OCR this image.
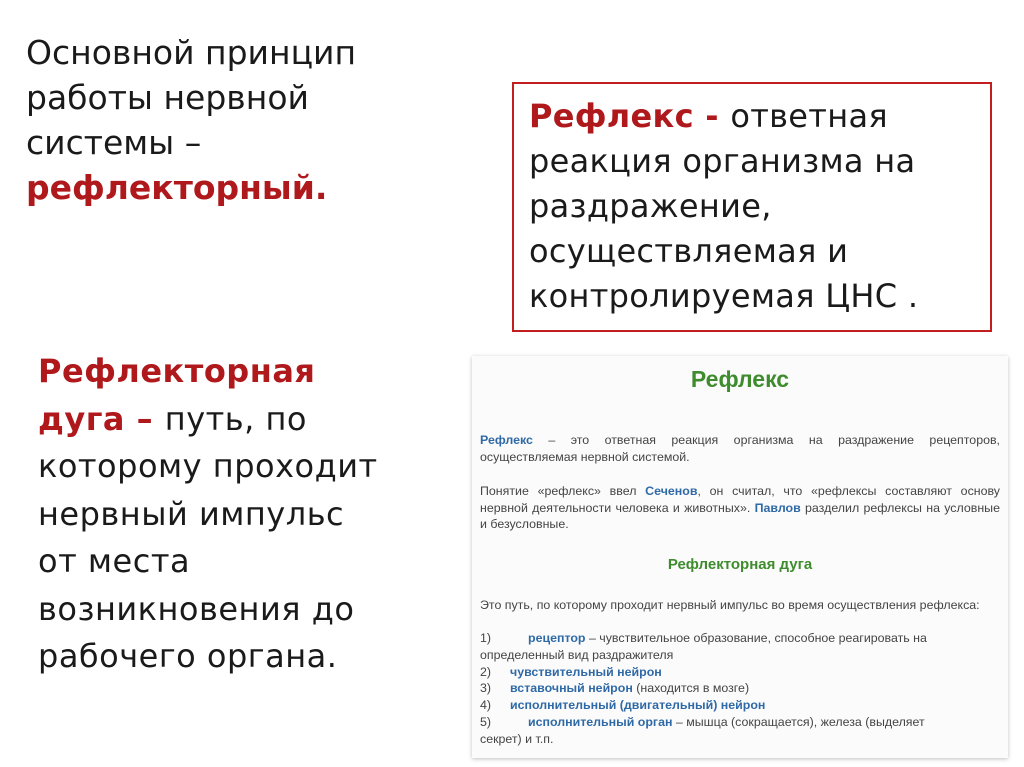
Основной принцип
работы нервной
системы –
рефлекторный.
Рефлекс - ответная
реакция организма на
раздражение,
осуществляемая и
контролируемая ЦНС .
Рефлекторная
дуга – путь, по
которому проходит
нервный импульс
от места
возникновения до
рабочего органа.
Рефлекс

Рефлекс – это ответная реакция организма на раздражение рецепторов, осуществляемая нервной системой.

Понятие «рефлекс» ввел Сеченов, он считал, что «рефлексы составляют основу нервной деятельности человека и животных». Павлов разделил рефлексы на условные и безусловные.

Рефлекторная дуга

Это путь, по которому проходит нервный импульс во время осуществления рефлекса:

1)	рецептор – чувствительное образование, способное реагировать на
определенный вид раздражителя
2) чувствительный нейрон
3) вставочный нейрон (находится в мозге)
4) исполнительный (двигательный) нейрон
5)	исполнительный орган – мышца (сокращается), железа (выделяет
секрет) и т.п.
